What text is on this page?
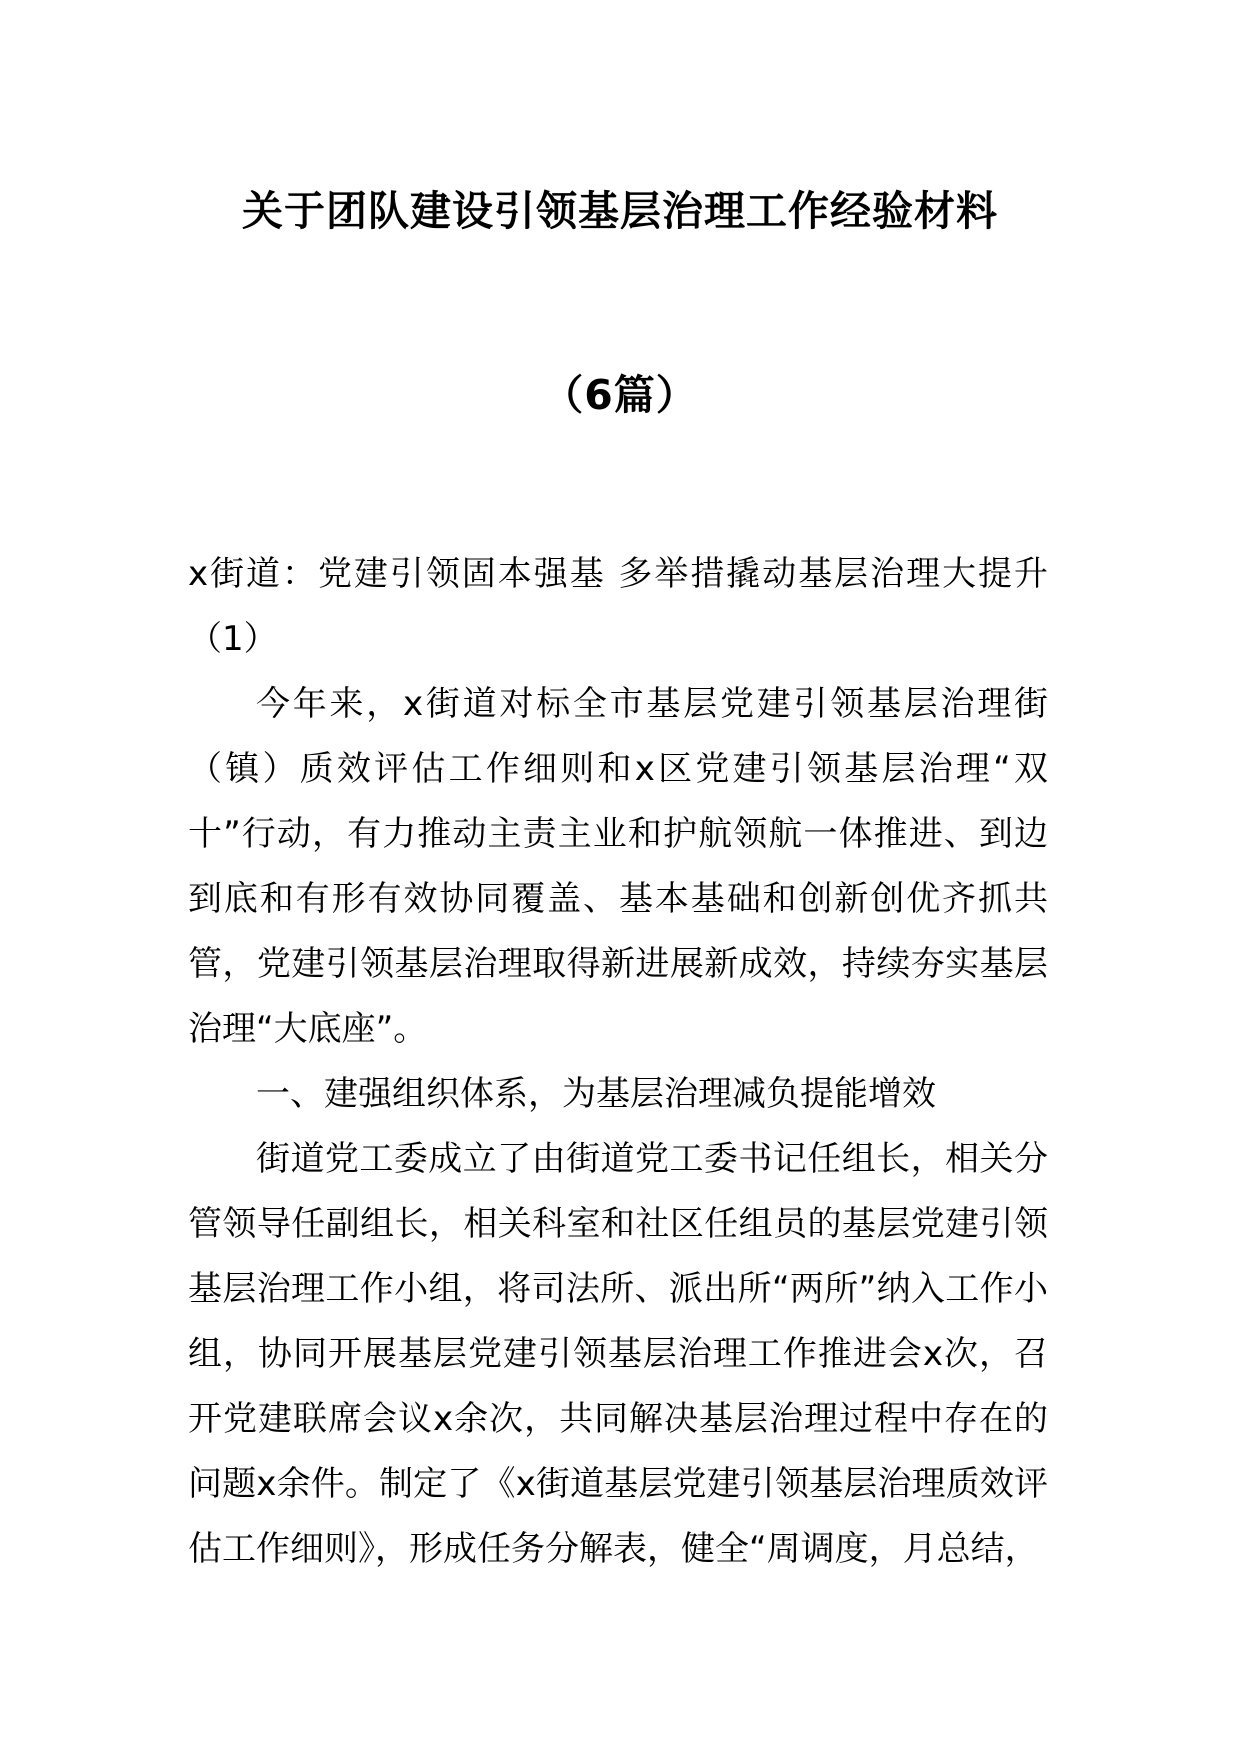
关于团队建设引领基层治理工作经验材料
（6篇）

x街道：党建引领固本强基 多举措撬动基层治理大提升（1）

今年来，x街道对标全市基层党建引领基层治理街（镇）质效评估工作细则和x区党建引领基层治理“双十”行动，有力推动主责主业和护航领航一体推进、到边到底和有形有效协同覆盖、基本基础和创新创优齐抓共管，党建引领基层治理取得新进展新成效，持续夯实基层治理“大底座”。

一、建强组织体系，为基层治理减负提能增效

街道党工委成立了由街道党工委书记任组长，相关分管领导任副组长，相关科室和社区任组员的基层党建引领基层治理工作小组，将司法所、派出所“两所”纳入工作小组，协同开展基层党建引领基层治理工作推进会x次，召开党建联席会议x余次，共同解决基层治理过程中存在的问题x余件。制定了《x街道基层党建引领基层治理质效评估工作细则》，形成任务分解表，健全“周调度，月总结，
